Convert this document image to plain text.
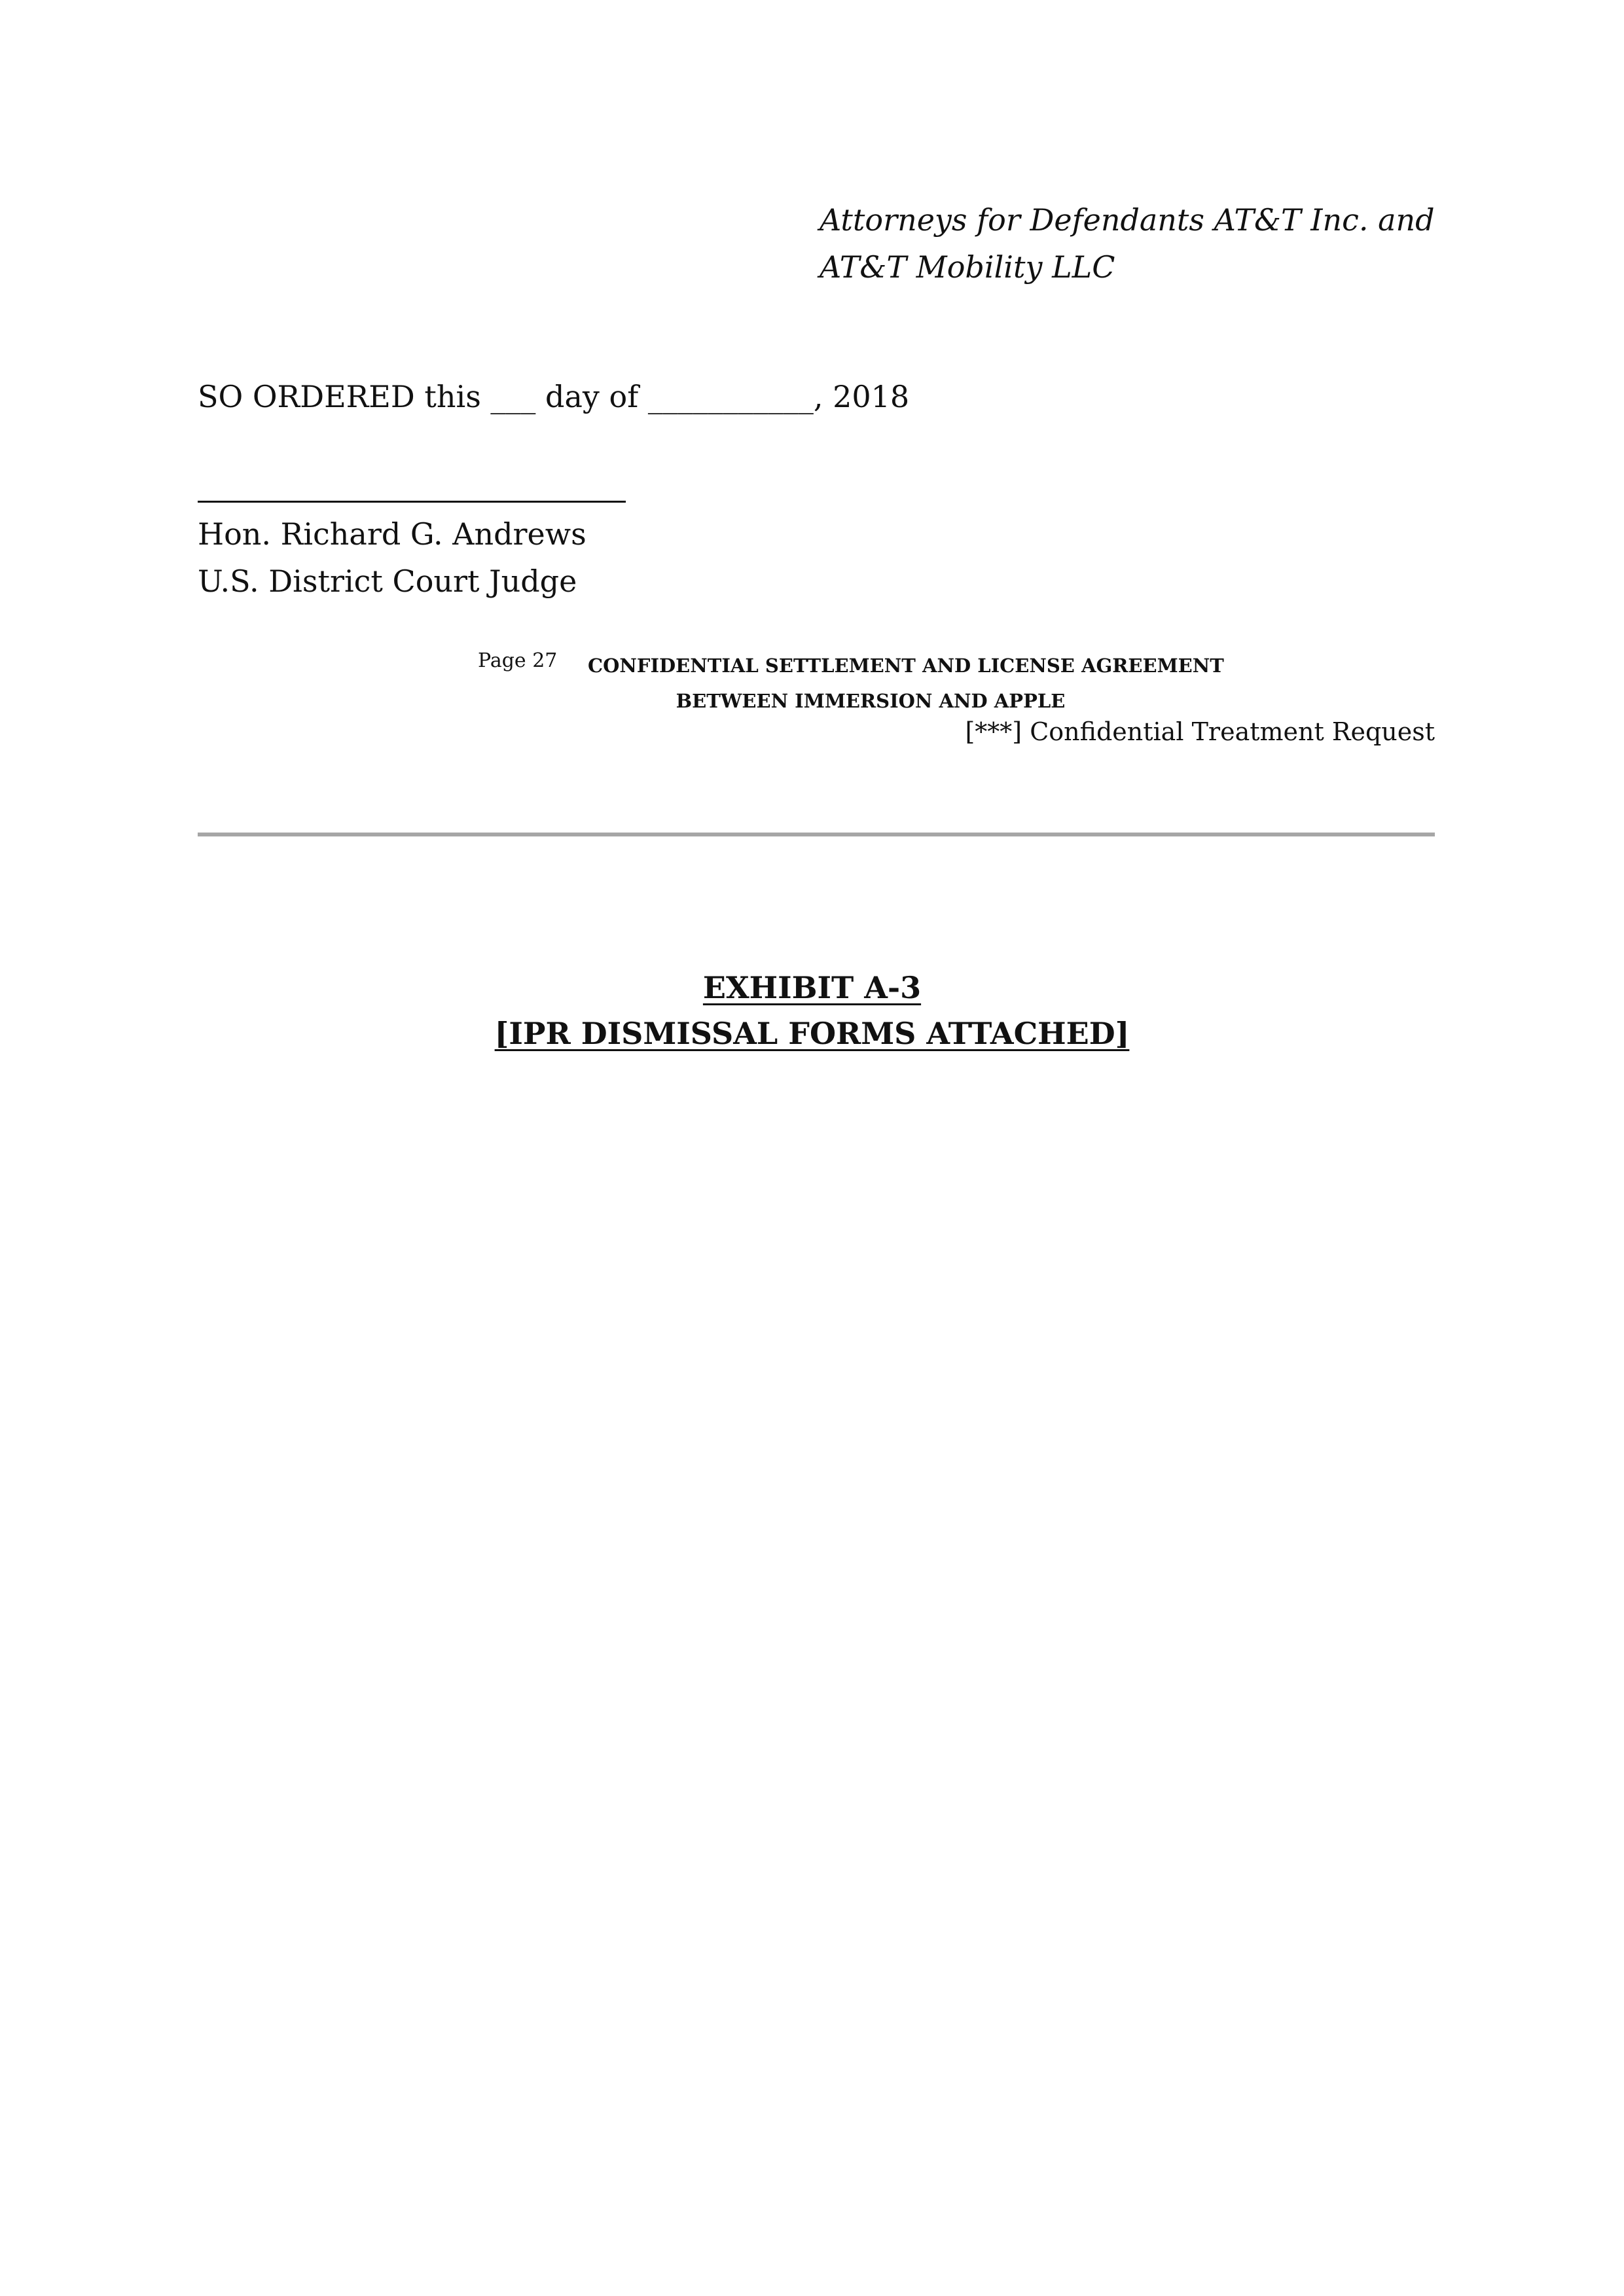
Attorneys for Defendants AT&T Inc. and
AT&T Mobility LLC
SO ORDERED this ___ day of ___________, 2018
Hon. Richard G. Andrews
U.S. District Court Judge
Page 27 CONFIDENTIAL SETTLEMENT AND LICENSE AGREEMENT
BETWEEN IMMERSION AND APPLE
[***] Confidential Treatment Request
EXHIBIT A-3
[IPR DISMISSAL FORMS ATTACHED]
